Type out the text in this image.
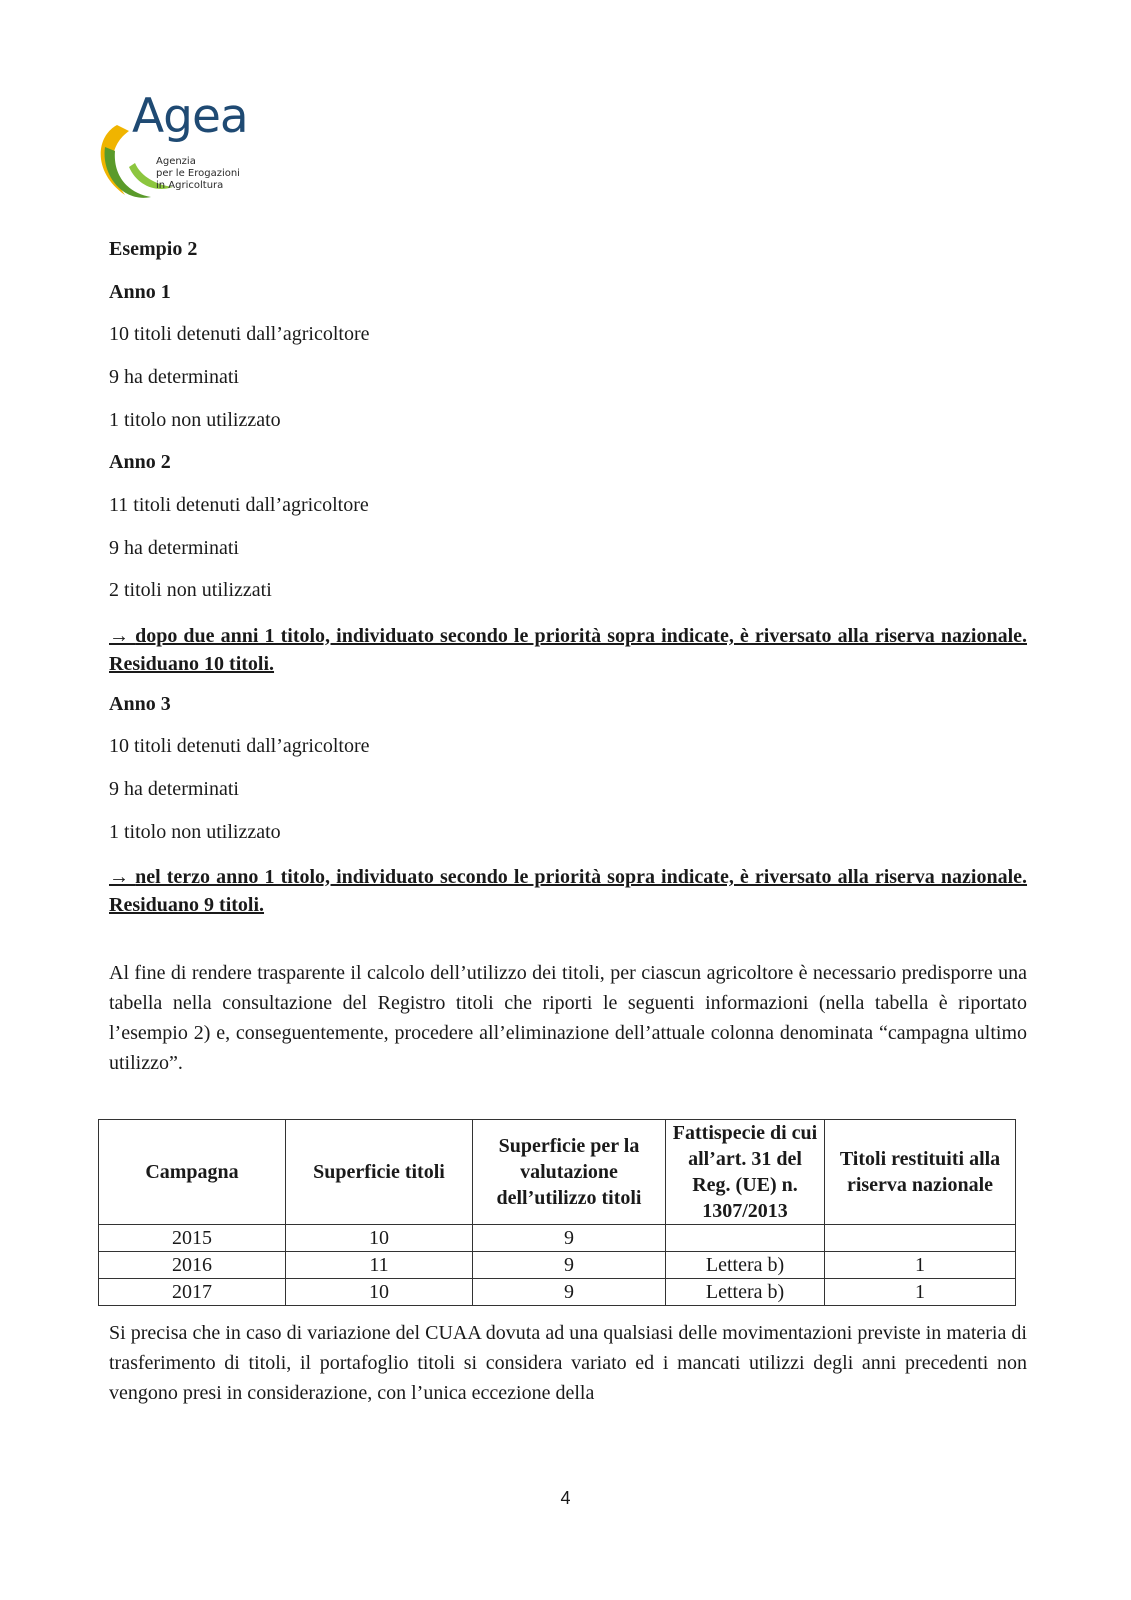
Agea
Agenzia
per le Erogazioni
in Agricoltura
Esempio 2
Anno 1
10 titoli detenuti dall’agricoltore
9 ha determinati
1 titolo non utilizzato
Anno 2
11 titoli detenuti dall’agricoltore
9 ha determinati
2 titoli non utilizzati
→ dopo due anni 1 titolo, individuato secondo le priorità sopra indicate, è riversato alla riserva nazionale. Residuano 10 titoli.
Anno 3
10 titoli detenuti dall’agricoltore
9 ha determinati
1 titolo non utilizzato
→ nel terzo anno 1 titolo, individuato secondo le priorità sopra indicate, è riversato alla riserva nazionale. Residuano 9 titoli.
Al fine di rendere trasparente il calcolo dell’utilizzo dei titoli, per ciascun agricoltore è necessario predisporre una tabella nella consultazione del Registro titoli che riporti le seguenti informazioni (nella tabella è riportato l’esempio 2) e, conseguentemente, procedere all’eliminazione dell’attuale colonna denominata “campagna ultimo utilizzo”.
Campagna	Superficie titoli	Superficie per la valutazione dell’utilizzo titoli	Fattispecie di cui all’art. 31 del Reg. (UE) n. 1307/2013	Titoli restituiti alla riserva nazionale
2015	10	9		
2016	11	9	Lettera b)	1
2017	10	9	Lettera b)	1
Si precisa che in caso di variazione del CUAA dovuta ad una qualsiasi delle movimentazioni previste in materia di trasferimento di titoli, il portafoglio titoli si considera variato ed i mancati utilizzi degli anni precedenti non vengono presi in considerazione, con l’unica eccezione della
4
